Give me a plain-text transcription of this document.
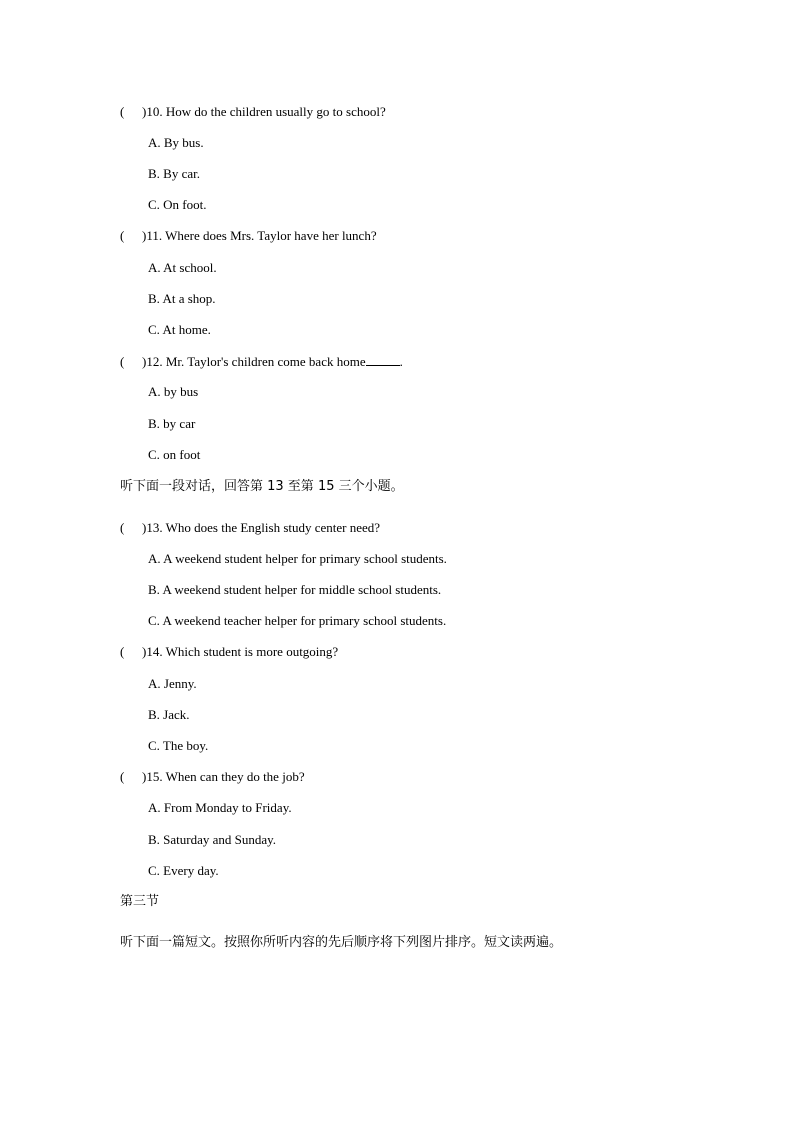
( )10. How do the children usually go to school?
A. By bus.
B. By car.
C. On foot.
( )11. Where does Mrs. Taylor have her lunch?
A. At school.
B. At a shop.
C. At home.
( )12. Mr. Taylor's children come back home	.
A. by bus
B. by car
C. on foot
听下面一段对话，回答第 13 至第 15 三个小题。
( )13. Who does the English study center need?
A. A weekend student helper for primary school students.
B. A weekend student helper for middle school students.
C. A weekend teacher helper for primary school students.
( )14. Which student is more outgoing?
A. Jenny.
B. Jack.
C. The boy.
( )15. When can they do the job?
A. From Monday to Friday.
B. Saturday and Sunday.
C. Every day.
第三节
听下面一篇短文。按照你所听内容的先后顺序将下列图片排序。短文读两遍。
